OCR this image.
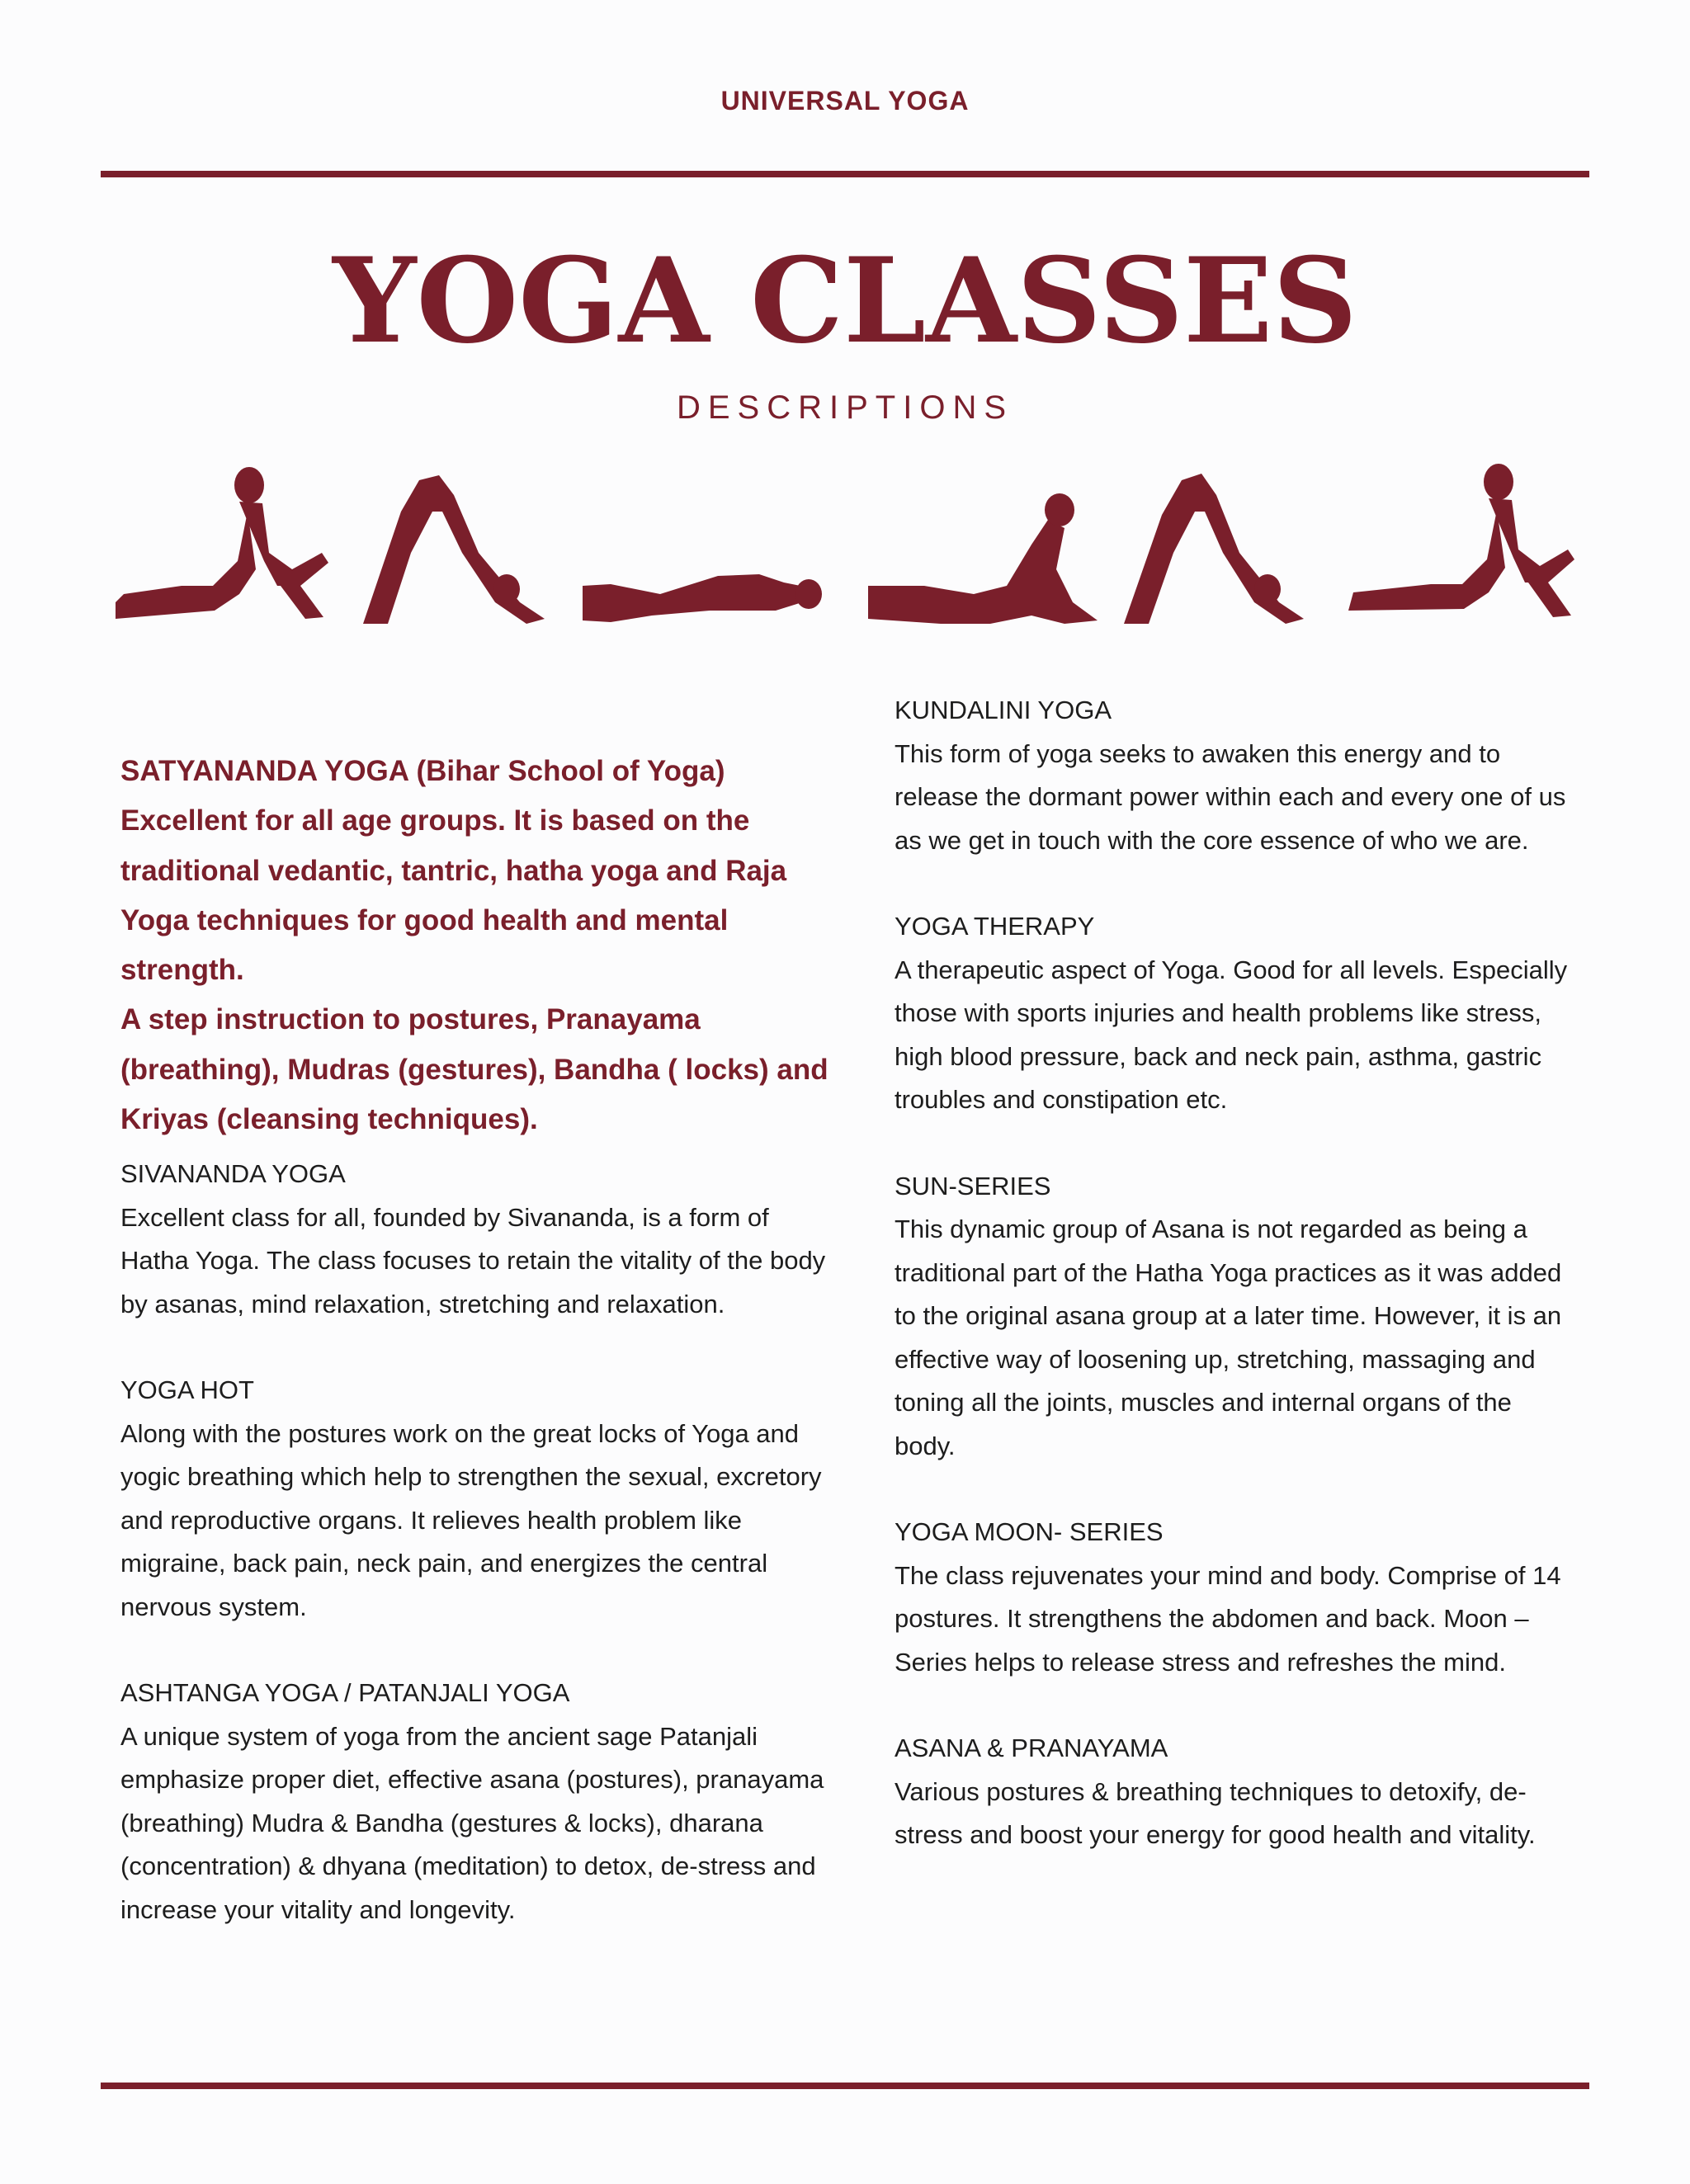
UNIVERSAL YOGA
YOGA CLASSES
DESCRIPTIONS

SATYANANDA YOGA (Bihar School of Yoga)

Excellent for all age groups. It is based on the traditional vedantic, tantric, hatha yoga and Raja Yoga techniques for good health and mental strength.

A step instruction to postures, Pranayama (breathing), Mudras (gestures), Bandha ( locks) and Kriyas (cleansing techniques).

SIVANANDA YOGA

Excellent class for all, founded by Sivananda, is a form of Hatha Yoga. The class focuses to retain the vitality of the body by asanas, mind relaxation, stretching and relaxation.

YOGA HOT

Along with the postures work on the great locks of Yoga and yogic breathing which help to strengthen the sexual, excretory and reproductive organs. It relieves health problem like migraine, back pain, neck pain, and energizes the central nervous system.

ASHTANGA YOGA / PATANJALI YOGA

A unique system of yoga from the ancient sage Patanjali emphasize proper diet, effective asana (postures), pranayama (breathing) Mudra & Bandha (gestures & locks), dharana (concentration) & dhyana (meditation) to detox, de-stress and increase your vitality and longevity.

KUNDALINI YOGA

This form of yoga seeks to awaken this energy and to release the dormant power within each and every one of us as we get in touch with the core essence of who we are.

YOGA THERAPY

A therapeutic aspect of Yoga. Good for all levels. Especially those with sports injuries and health problems like stress, high blood pressure, back and neck pain, asthma, gastric troubles and constipation etc.

SUN-SERIES

This dynamic group of Asana is not regarded as being a traditional part of the Hatha Yoga practices as it was added to the original asana group at a later time. However, it is an effective way of loosening up, stretching, massaging and toning all the joints, muscles and internal organs of the body.

YOGA MOON- SERIES

The class rejuvenates your mind and body. Comprise of 14 postures. It strengthens the abdomen and back. Moon – Series helps to release stress and refreshes the mind.

ASANA & PRANAYAMA

Various postures & breathing techniques to detoxify, de-stress and boost your energy for good health and vitality.
